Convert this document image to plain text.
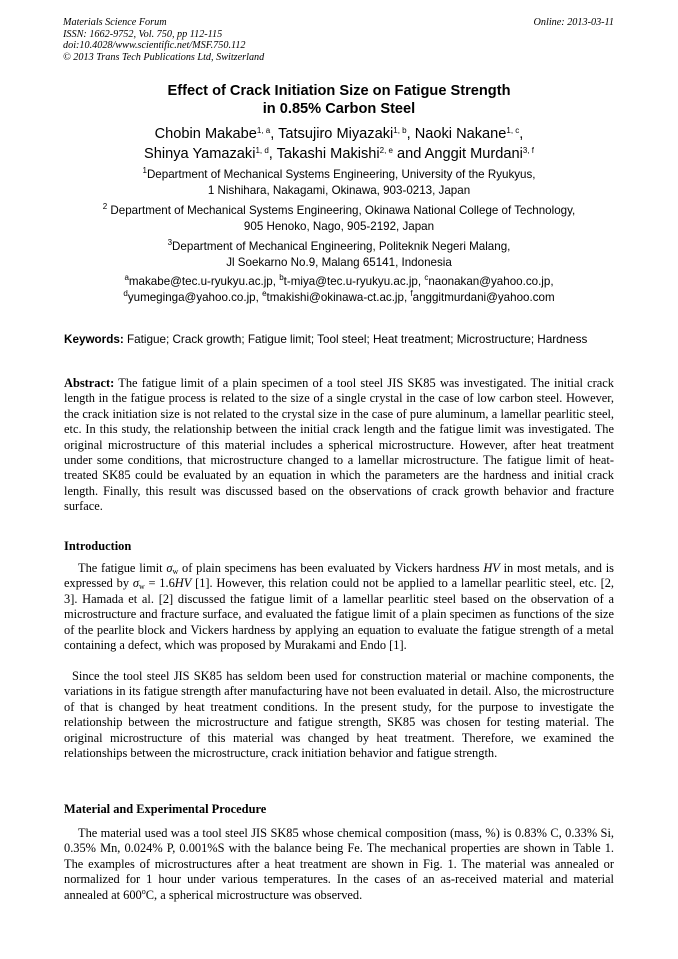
Materials Science Forum
ISSN: 1662-9752, Vol. 750, pp 112-115
doi:10.4028/www.scientific.net/MSF.750.112
© 2013 Trans Tech Publications Ltd, Switzerland
Online: 2013-03-11
Effect of Crack Initiation Size on Fatigue Strength
in 0.85% Carbon Steel
Chobin Makabe$^{1, a}$, Tatsujiro Miyazaki$^{1, b}$, Naoki Nakane$^{1, c}$,
Shinya Yamazaki$^{1, d}$, Takashi Makishi$^{2, e}$ and Anggit Murdani$^{3, f}$
$^1$Department of Mechanical Systems Engineering, University of the Ryukyus,
1 Nishihara, Nakagami, Okinawa, 903-0213, Japan
$^2$ Department of Mechanical Systems Engineering, Okinawa National College of Technology,
905 Henoko, Nago, 905-2192, Japan
$^3$Department of Mechanical Engineering, Politeknik Negeri Malang,
Jl Soekarno No.9, Malang 65141, Indonesia
$^a$makabe@tec.u-ryukyu.ac.jp, $^b$t-miya@tec.u-ryukyu.ac.jp, $^c$naonakan@yahoo.co.jp,
$^d$yumeginga@yahoo.co.jp, $^e$tmakishi@okinawa-ct.ac.jp, $^f$anggitmurdani@yahoo.com
Keywords: Fatigue; Crack growth; Fatigue limit; Tool steel; Heat treatment; Microstructure; Hardness
Abstract: The fatigue limit of a plain specimen of a tool steel JIS SK85 was investigated. The initial crack length in the fatigue process is related to the size of a single crystal in the case of low carbon steel. However, the crack initiation size is not related to the crystal size in the case of pure aluminum, a lamellar pearlitic steel, etc. In this study, the relationship between the initial crack length and the fatigue limit was investigated. The original microstructure of this material includes a spherical microstructure. However, after heat treatment under some conditions, that microstructure changed to a lamellar microstructure. The fatigue limit of heat-treated SK85 could be evaluated by an equation in which the parameters are the hardness and initial crack length. Finally, this result was discussed based on the observations of crack growth behavior and fracture surface.
Introduction
The fatigue limit $\sigma_w$ of plain specimens has been evaluated by Vickers hardness HV in most metals, and is expressed by $\sigma_w = 1.6HV$ [1]. However, this relation could not be applied to a lamellar pearlitic steel, etc. [2, 3]. Hamada et al. [2] discussed the fatigue limit of a lamellar pearlitic steel based on the observation of a microstructure and fracture surface, and evaluated the fatigue limit of a plain specimen as functions of the size of the pearlite block and Vickers hardness by applying an equation to evaluate the fatigue strength of a metal containing a defect, which was proposed by Murakami and Endo [1].
Since the tool steel JIS SK85 has seldom been used for construction material or machine components, the variations in its fatigue strength after manufacturing have not been evaluated in detail. Also, the microstructure of that is changed by heat treatment conditions. In the present study, for the purpose to investigate the relationship between the microstructure and fatigue strength, SK85 was chosen for testing material. The original microstructure of this material was changed by heat treatment. Therefore, we examined the relationships between the microstructure, crack initiation behavior and fatigue strength.
Material and Experimental Procedure
The material used was a tool steel JIS SK85 whose chemical composition (mass, %) is 0.83% C, 0.33% Si, 0.35% Mn, 0.024% P, 0.001%S with the balance being Fe. The mechanical properties are shown in Table 1. The examples of microstructures after a heat treatment are shown in Fig. 1. The material was annealed or normalized for 1 hour under various temperatures. In the cases of an as-received material and material annealed at 600$^o$C, a spherical microstructure was observed.
